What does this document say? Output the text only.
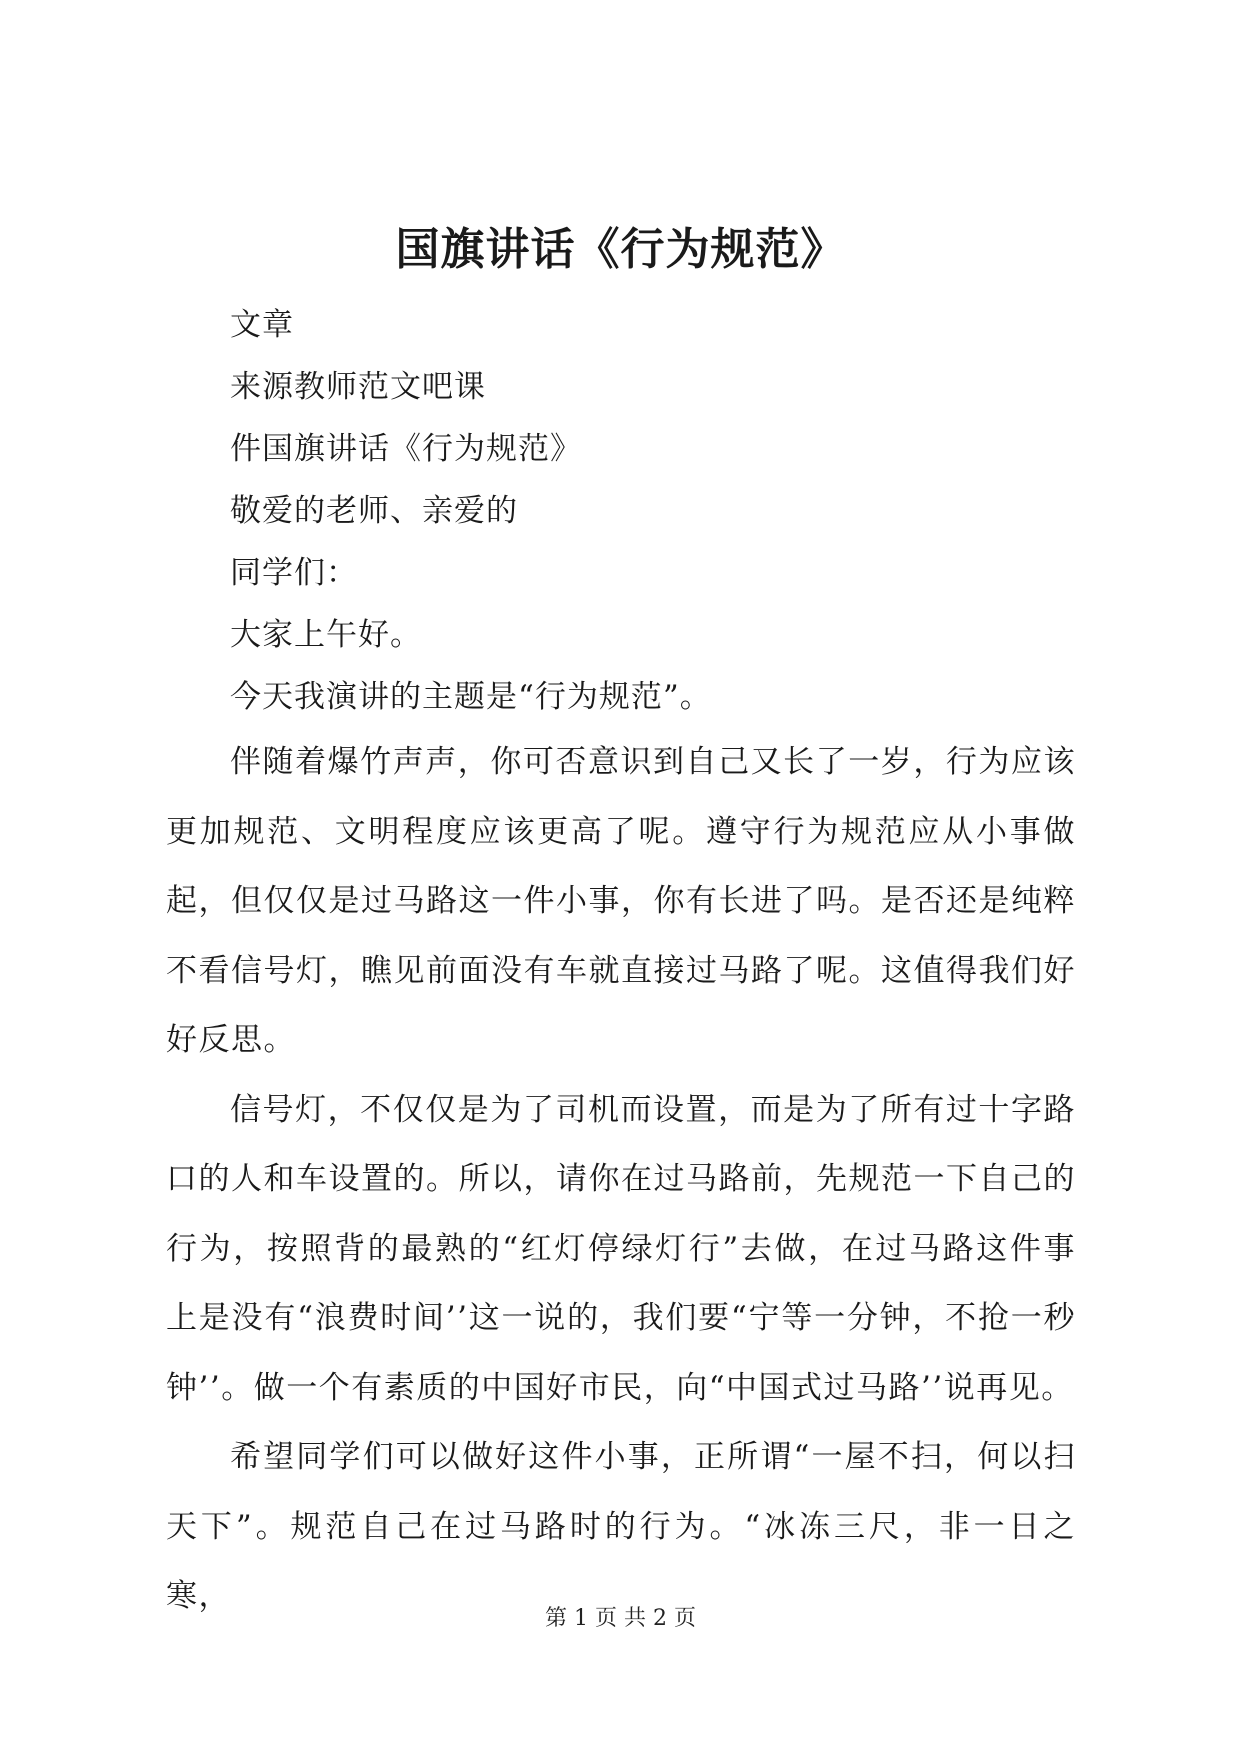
国旗讲话《行为规范》
文章
来源教师范文吧课
件国旗讲话《行为规范》
敬爱的老师、亲爱的
同学们：
大家上午好。
今天我演讲的主题是“行为规范”。

伴随着爆竹声声，你可否意识到自己又长了一岁，行为应该更加规范、文明程度应该更高了呢。遵守行为规范应从小事做起，但仅仅是过马路这一件小事，你有长进了吗。是否还是纯粹不看信号灯，瞧见前面没有车就直接过马路了呢。这值得我们好好反思。

信号灯，不仅仅是为了司机而设置，而是为了所有过十字路口的人和车设置的。所以，请你在过马路前，先规范一下自己的行为，按照背的最熟的“红灯停绿灯行”去做，在过马路这件事上是没有“浪费时间’’这一说的，我们要“宁等一分钟，不抢一秒钟’’。做一个有素质的中国好市民，向“中国式过马路’’说再见。

希望同学们可以做好这件小事，正所谓“一屋不扫，何以扫天下”。规范自己在过马路时的行为。“冰冻三尺，非一日之寒，

第 1 页 共 2 页
